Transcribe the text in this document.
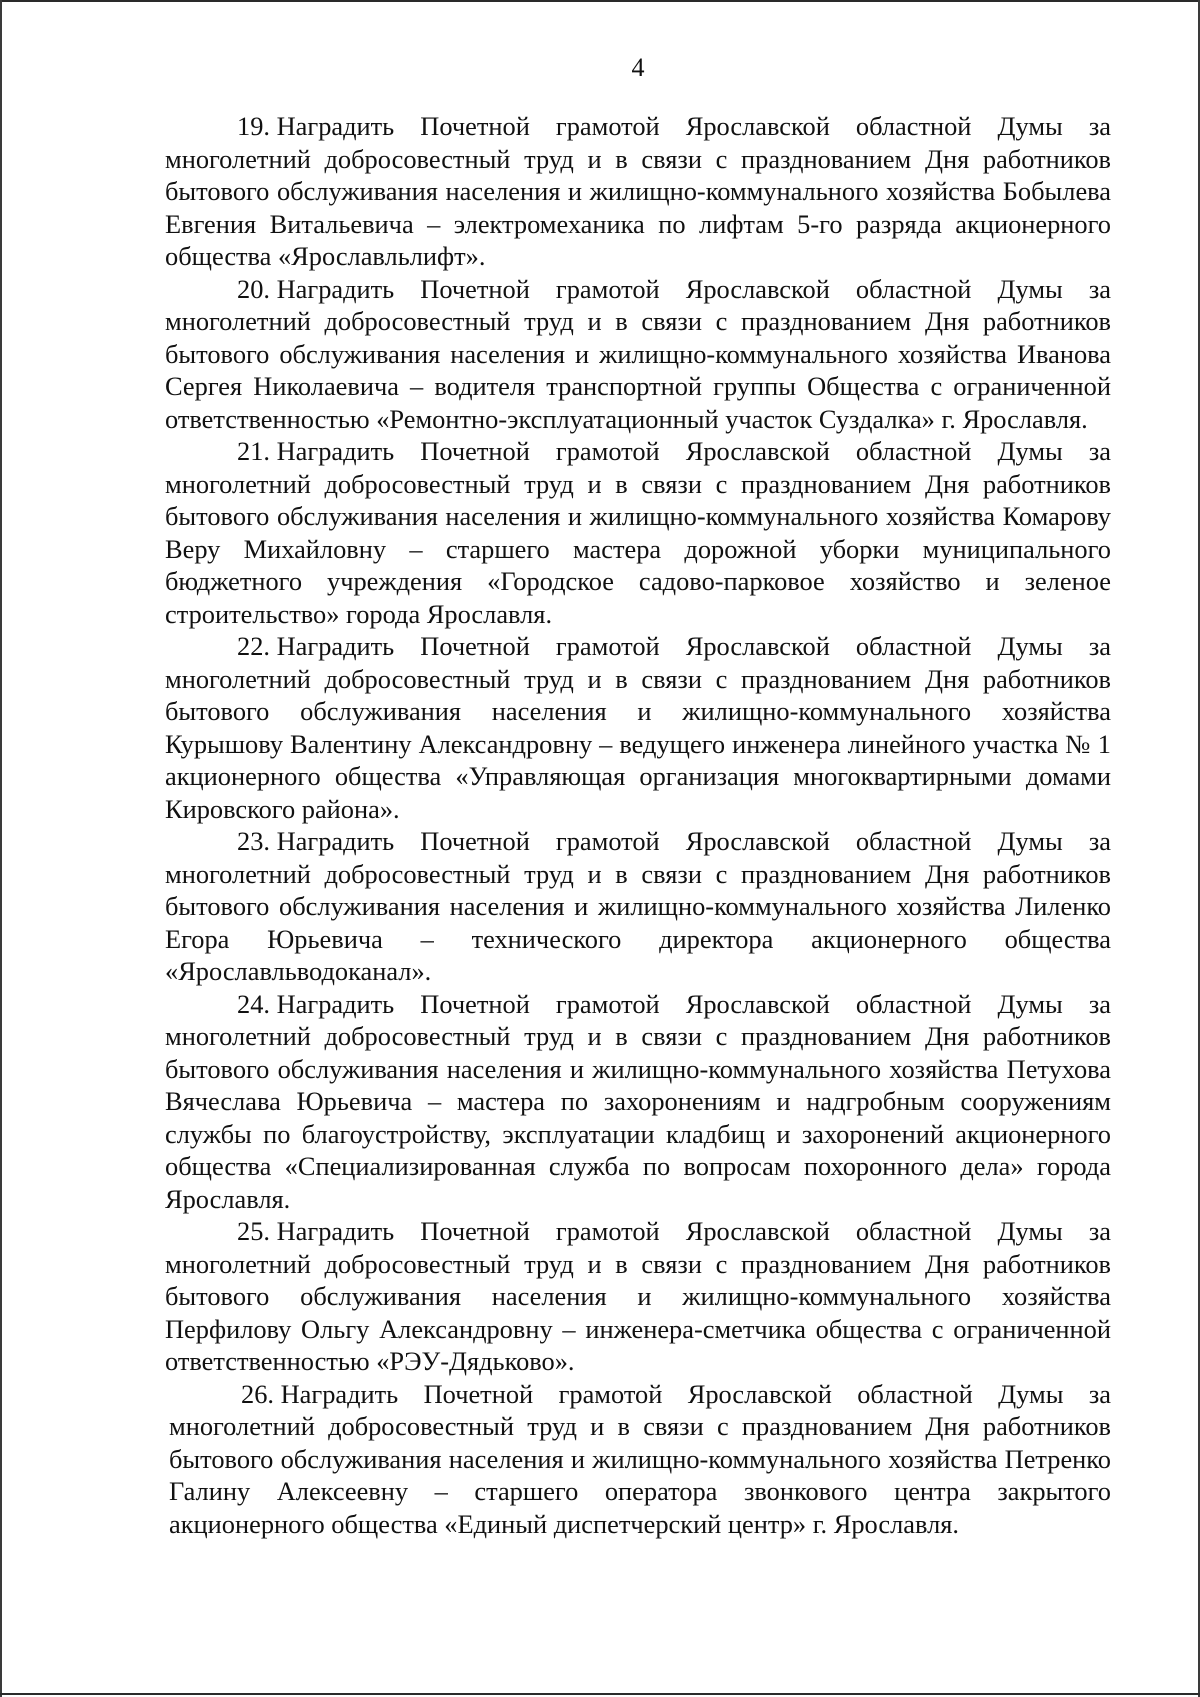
4

19. Наградить Почетной грамотой Ярославской областной Думы за многолетний добросовестный труд и в связи с празднованием Дня работников бытового обслуживания населения и жилищно-коммунального хозяйства Бобылева Евгения Витальевича – электромеханика по лифтам 5-го разряда акционерного общества «Ярославльлифт».

20. Наградить Почетной грамотой Ярославской областной Думы за многолетний добросовестный труд и в связи с празднованием Дня работников бытового обслуживания населения и жилищно-коммунального хозяйства Иванова Сергея Николаевича – водителя транспортной группы Общества с ограниченной ответственностью «Ремонтно-эксплуатационный участок Суздалка» г. Ярославля.

21. Наградить Почетной грамотой Ярославской областной Думы за многолетний добросовестный труд и в связи с празднованием Дня работников бытового обслуживания населения и жилищно-коммунального хозяйства Комарову Веру Михайловну – старшего мастера дорожной уборки муниципального бюджетного учреждения «Городское садово-парковое хозяйство и зеленое строительство» города Ярославля.

22. Наградить Почетной грамотой Ярославской областной Думы за многолетний добросовестный труд и в связи с празднованием Дня работников бытового обслуживания населения и жилищно-коммунального хозяйства Курышову Валентину Александровну – ведущего инженера линейного участка № 1 акционерного общества «Управляющая организация многоквартирными домами Кировского района».

23. Наградить Почетной грамотой Ярославской областной Думы за многолетний добросовестный труд и в связи с празднованием Дня работников бытового обслуживания населения и жилищно-коммунального хозяйства Лиленко Егора Юрьевича – технического директора акционерного общества «Ярославльводоканал».

24. Наградить Почетной грамотой Ярославской областной Думы за многолетний добросовестный труд и в связи с празднованием Дня работников бытового обслуживания населения и жилищно-коммунального хозяйства Петухова Вячеслава Юрьевича – мастера по захоронениям и надгробным сооружениям службы по благоустройству, эксплуатации кладбищ и захоронений акционерного общества «Специализированная служба по вопросам похоронного дела» города Ярославля.

25. Наградить Почетной грамотой Ярославской областной Думы за многолетний добросовестный труд и в связи с празднованием Дня работников бытового обслуживания населения и жилищно-коммунального хозяйства Перфилову Ольгу Александровну – инженера-сметчика общества с ограниченной ответственностью «РЭУ-Дядьково».

26. Наградить Почетной грамотой Ярославской областной Думы за многолетний добросовестный труд и в связи с празднованием Дня работников бытового обслуживания населения и жилищно-коммунального хозяйства Петренко Галину Алексеевну – старшего оператора звонкового центра закрытого акционерного общества «Единый диспетчерский центр» г. Ярославля.
